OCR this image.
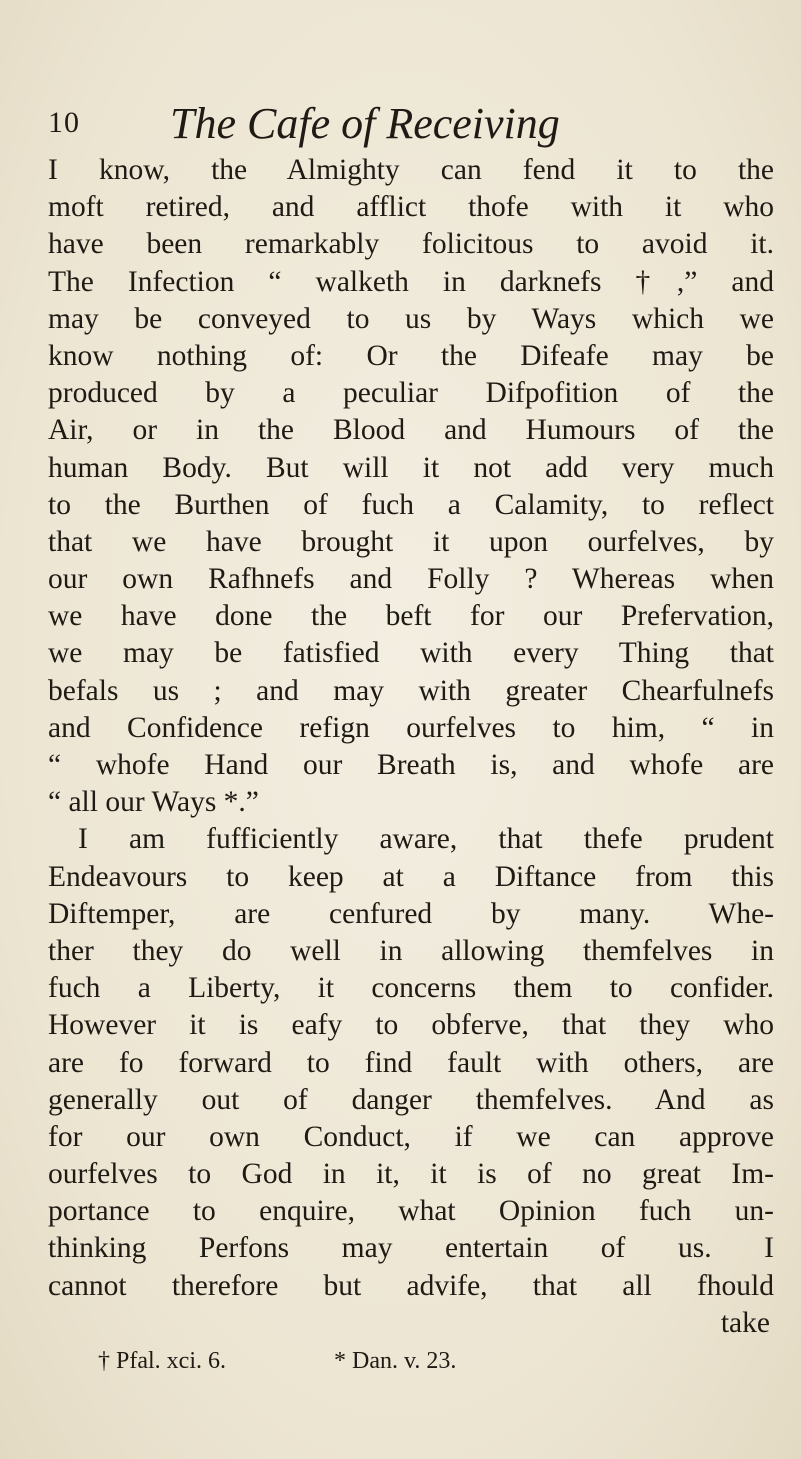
10 The Cafe of Receiving
I know, the Almighty can fend it to the
moft retired, and afflict thofe with it who
have been remarkably folicitous to avoid it.
The Infection “ walketh in darknefs †,” and
may be conveyed to us by Ways which we
know nothing of: Or the Difeafe may be
produced by a peculiar Difpofition of the
Air, or in the Blood and Humours of the
human Body. But will it not add very much
to the Burthen of fuch a Calamity, to reflect
that we have brought it upon ourfelves, by
our own Rafhnefs and Folly ? Whereas when
we have done the beft for our Prefervation,
we may be fatisfied with every Thing that
befals us ; and may with greater Chearfulnefs
and Confidence refign ourfelves to him, “ in
“ whofe Hand our Breath is, and whofe are
“ all our Ways *.”
I am fufficiently aware, that thefe prudent
Endeavours to keep at a Diftance from this
Diftemper, are cenfured by many. Whe-
ther they do well in allowing themfelves in
fuch a Liberty, it concerns them to confider.
However it is eafy to obferve, that they who
are fo forward to find fault with others, are
generally out of danger themfelves. And as
for our own Conduct, if we can approve
ourfelves to God in it, it is of no great Im-
portance to enquire, what Opinion fuch un-
thinking Perfons may entertain of us. I
cannot therefore but advife, that all fhould
take
† Pfal. xci. 6.	* Dan. v. 23.
